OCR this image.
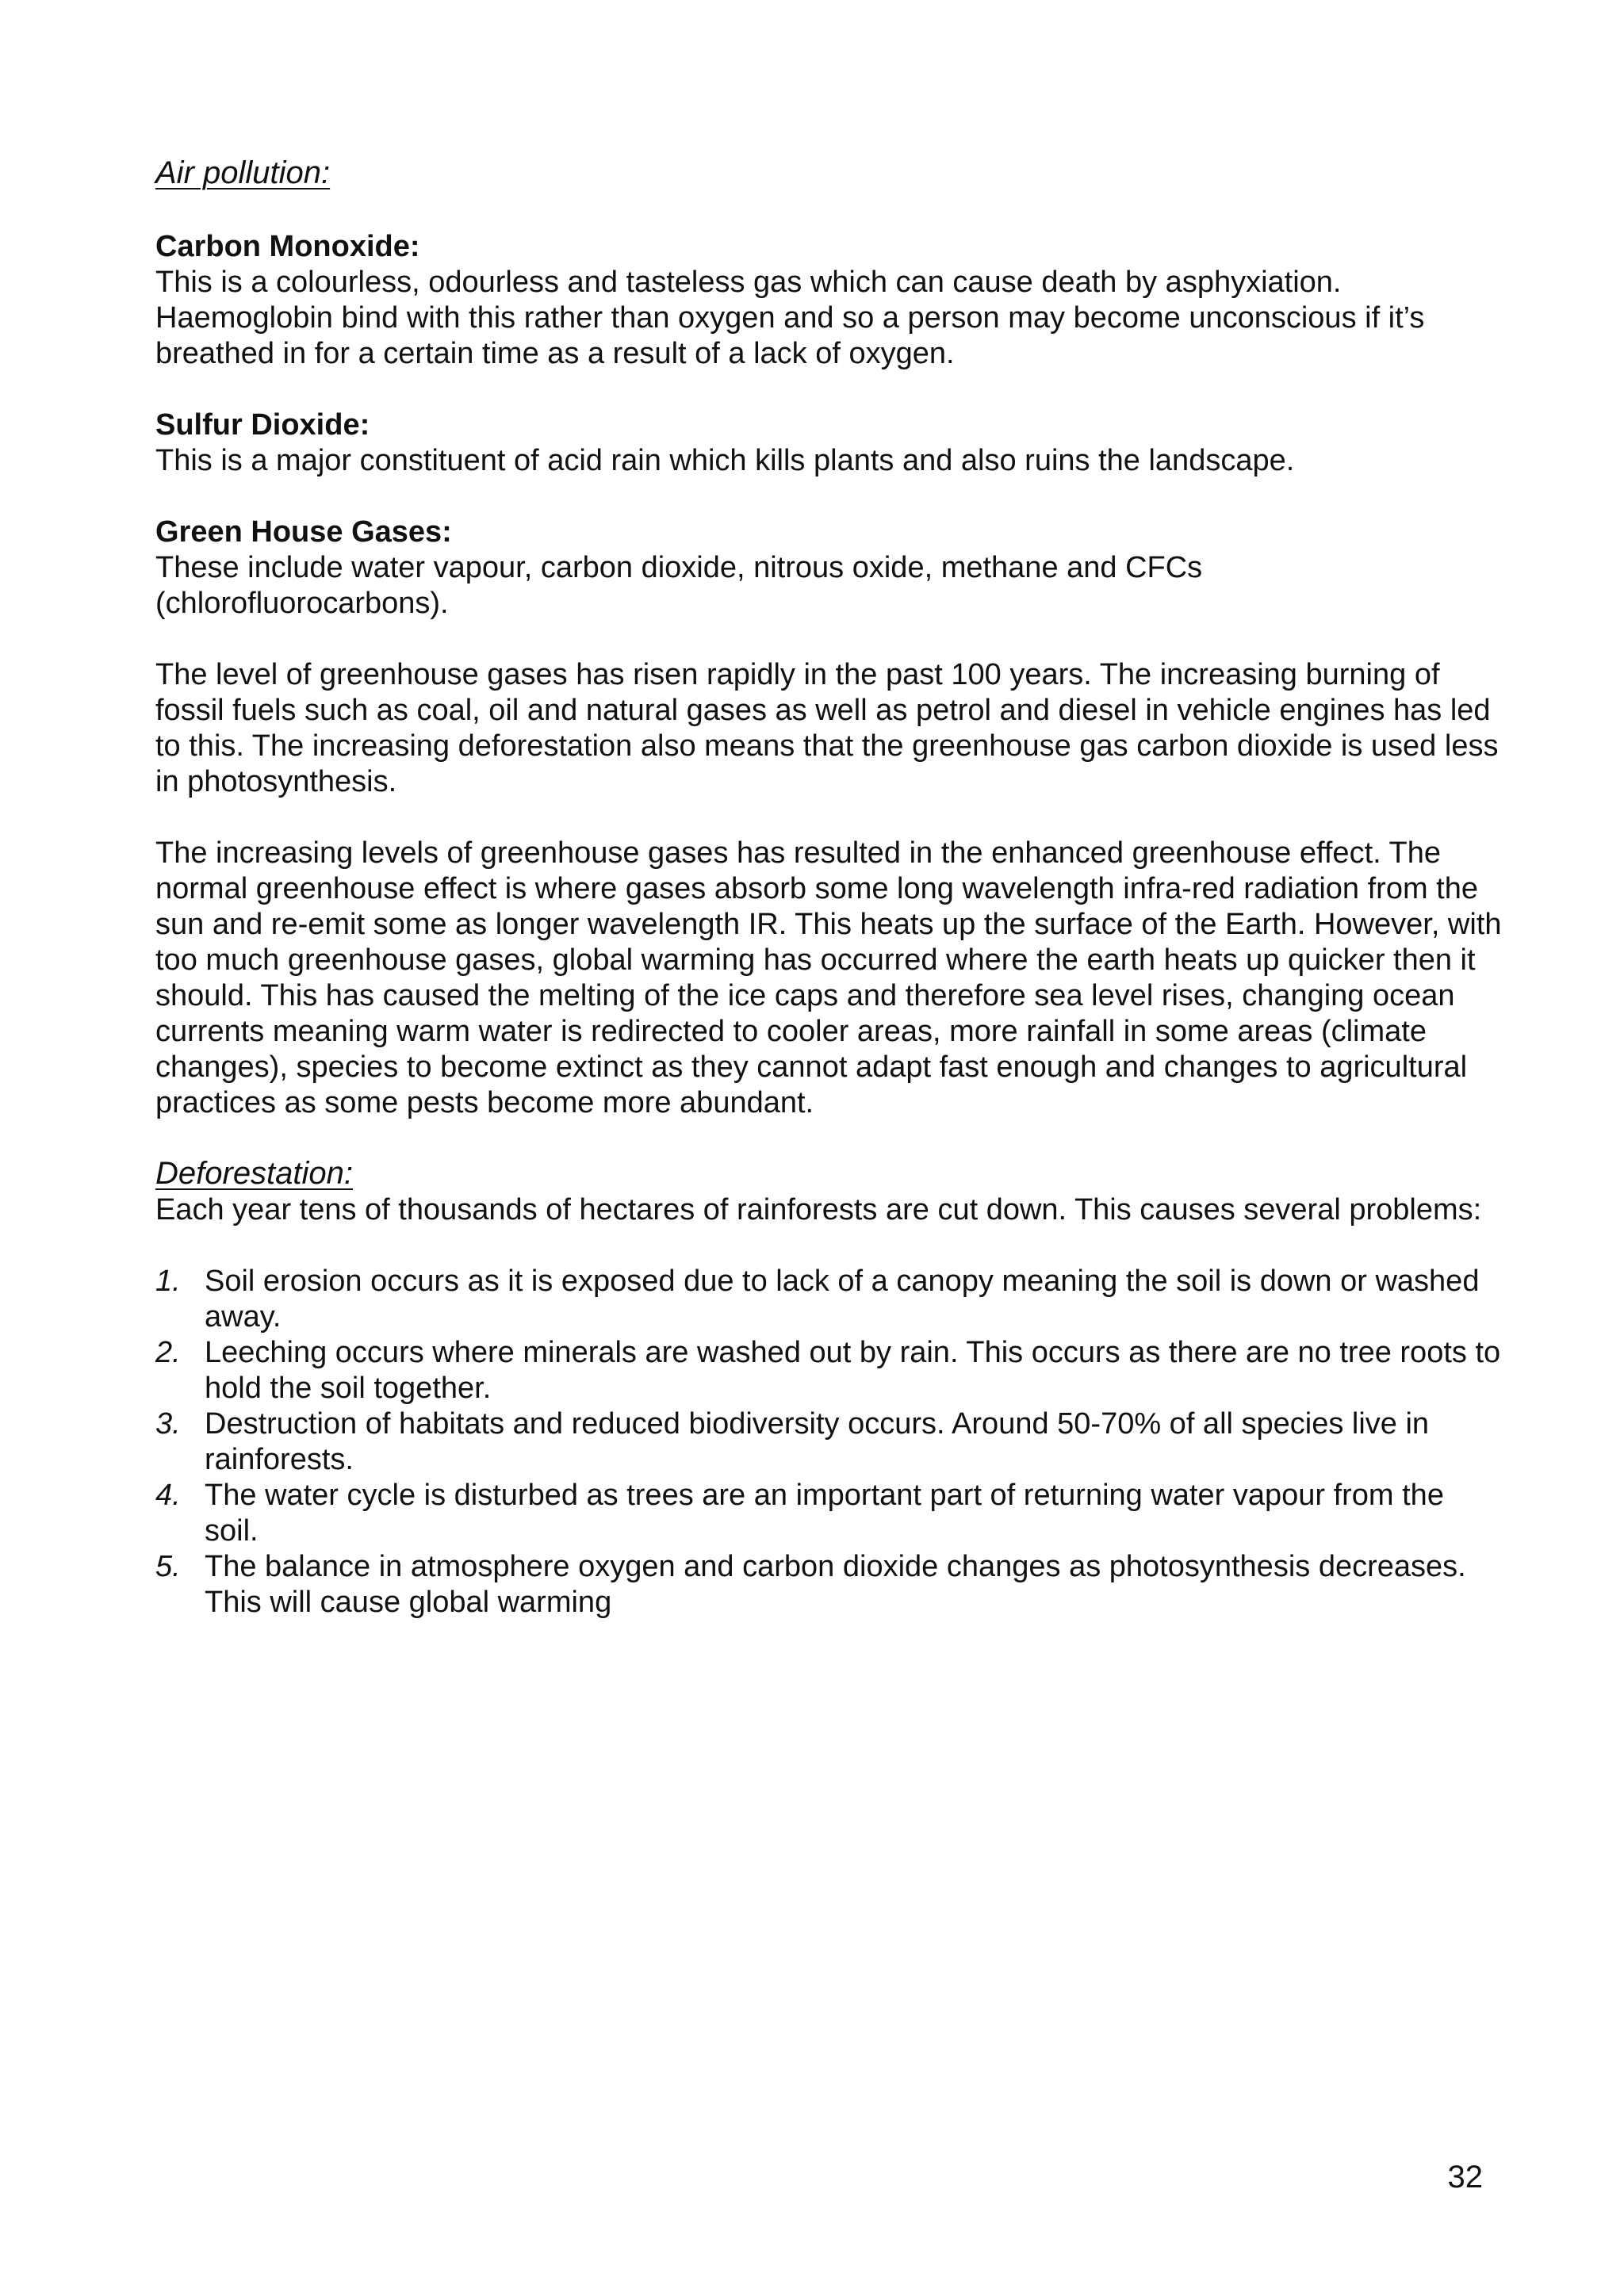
Air pollution:
Carbon Monoxide:

This is a colourless, odourless and tasteless gas which can cause death by asphyxiation. Haemoglobin bind with this rather than oxygen and so a person may become unconscious if it’s breathed in for a certain time as a result of a lack of oxygen.

Sulfur Dioxide:

This is a major constituent of acid rain which kills plants and also ruins the landscape.

Green House Gases:

These include water vapour, carbon dioxide, nitrous oxide, methane and CFCs (chlorofluorocarbons).

The level of greenhouse gases has risen rapidly in the past 100 years. The increasing burning of fossil fuels such as coal, oil and natural gases as well as petrol and diesel in vehicle engines has led to this. The increasing deforestation also means that the greenhouse gas carbon dioxide is used less in photosynthesis.

The increasing levels of greenhouse gases has resulted in the enhanced greenhouse effect. The normal greenhouse effect is where gases absorb some long wavelength infra-red radiation from the sun and re-emit some as longer wavelength IR. This heats up the surface of the Earth. However, with too much greenhouse gases, global warming has occurred where the earth heats up quicker then it should. This has caused the melting of the ice caps and therefore sea level rises, changing ocean currents meaning warm water is redirected to cooler areas, more rainfall in some areas (climate changes), species to become extinct as they cannot adapt fast enough and changes to agricultural practices as some pests become more abundant.

Deforestation:

Each year tens of thousands of hectares of rainforests are cut down. This causes several problems:

1. Soil erosion occurs as it is exposed due to lack of a canopy meaning the soil is down or washed away.
2. Leeching occurs where minerals are washed out by rain. This occurs as there are no tree roots to hold the soil together.
3. Destruction of habitats and reduced biodiversity occurs. Around 50-70% of all species live in rainforests.
4. The water cycle is disturbed as trees are an important part of returning water vapour from the soil.
5. The balance in atmosphere oxygen and carbon dioxide changes as photosynthesis decreases. This will cause global warming
32
